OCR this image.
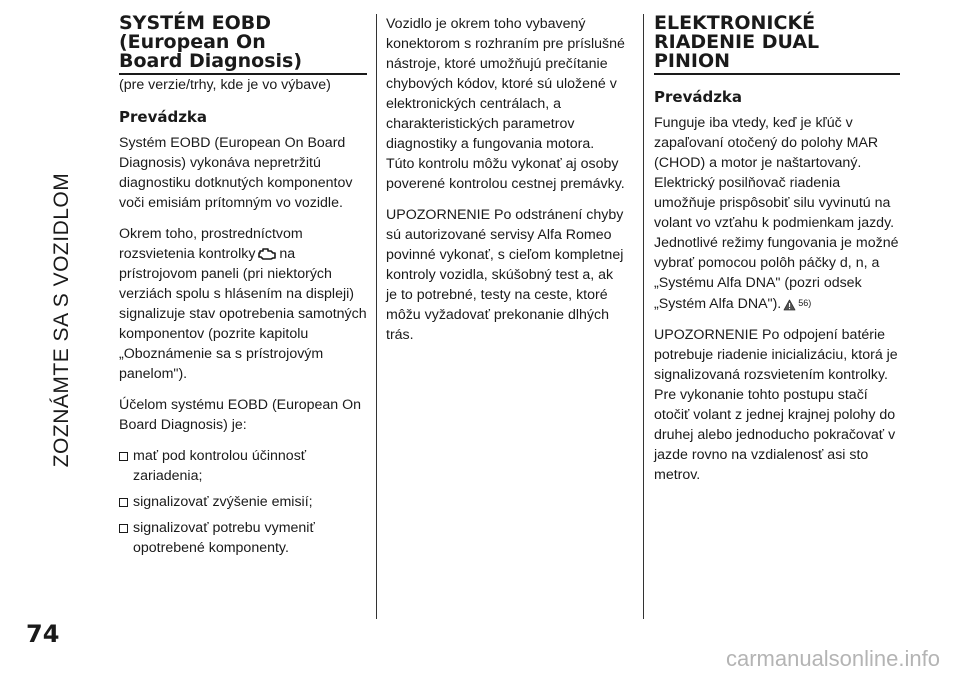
ZOZNÁMTE SA S VOZIDLOM
74
SYSTÉM EOBD
(European On
Board Diagnosis)

(pre verzie/trhy, kde je vo výbave)

Prevádzka

Systém EOBD (European On Board Diagnosis) vykonáva nepretržitú diagnostiku dotknutých komponentov voči emisiám prítomným vo vozidle.

Okrem toho, prostredníctvom rozsvietenia kontrolky na prístrojovom paneli (pri niektorých verziách spolu s hlásením na displeji) signalizuje stav opotrebenia samotných komponentov (pozrite kapitolu „Oboznámenie sa s prístrojovým panelom").

Účelom systému EOBD (European On Board Diagnosis) je:

mať pod kontrolou účinnosť zariadenia;
signalizovať zvýšenie emisií;
signalizovať potrebu vymeniť opotrebené komponenty.

Vozidlo je okrem toho vybavený konektorom s rozhraním pre príslušné nástroje, ktoré umožňujú prečítanie chybových kódov, ktoré sú uložené v elektronických centrálach, a charakteristických parametrov diagnostiky a fungovania motora. Túto kontrolu môžu vykonať aj osoby poverené kontrolou cestnej premávky.

UPOZORNENIE Po odstránení chyby sú autorizované servisy Alfa Romeo povinné vykonať, s cieľom kompletnej kontroly vozidla, skúšobný test a, ak je to potrebné, testy na ceste, ktoré môžu vyžadovať prekonanie dlhých trás.

ELEKTRONICKÉ
RIADENIE DUAL
PINION
Prevádzka

Funguje iba vtedy, keď je kľúč v zapaľovaní otočený do polohy MAR (CHOD) a motor je naštartovaný. Elektrický posilňovač riadenia umožňuje prispôsobiť silu vyvinutú na volant vo vzťahu k podmienkam jazdy. Jednotlivé režimy fungovania je možné vybrať pomocou polôh páčky d, n, a „Systému Alfa DNA" (pozri odsek „Systém Alfa DNA"). 56)

UPOZORNENIE Po odpojení batérie potrebuje riadenie inicializáciu, ktorá je signalizovaná rozsvietením kontrolky. Pre vykonanie tohto postupu stačí otočiť volant z jednej krajnej polohy do druhej alebo jednoducho pokračovať v jazde rovno na vzdialenosť asi sto metrov.

carmanualsonline.info
